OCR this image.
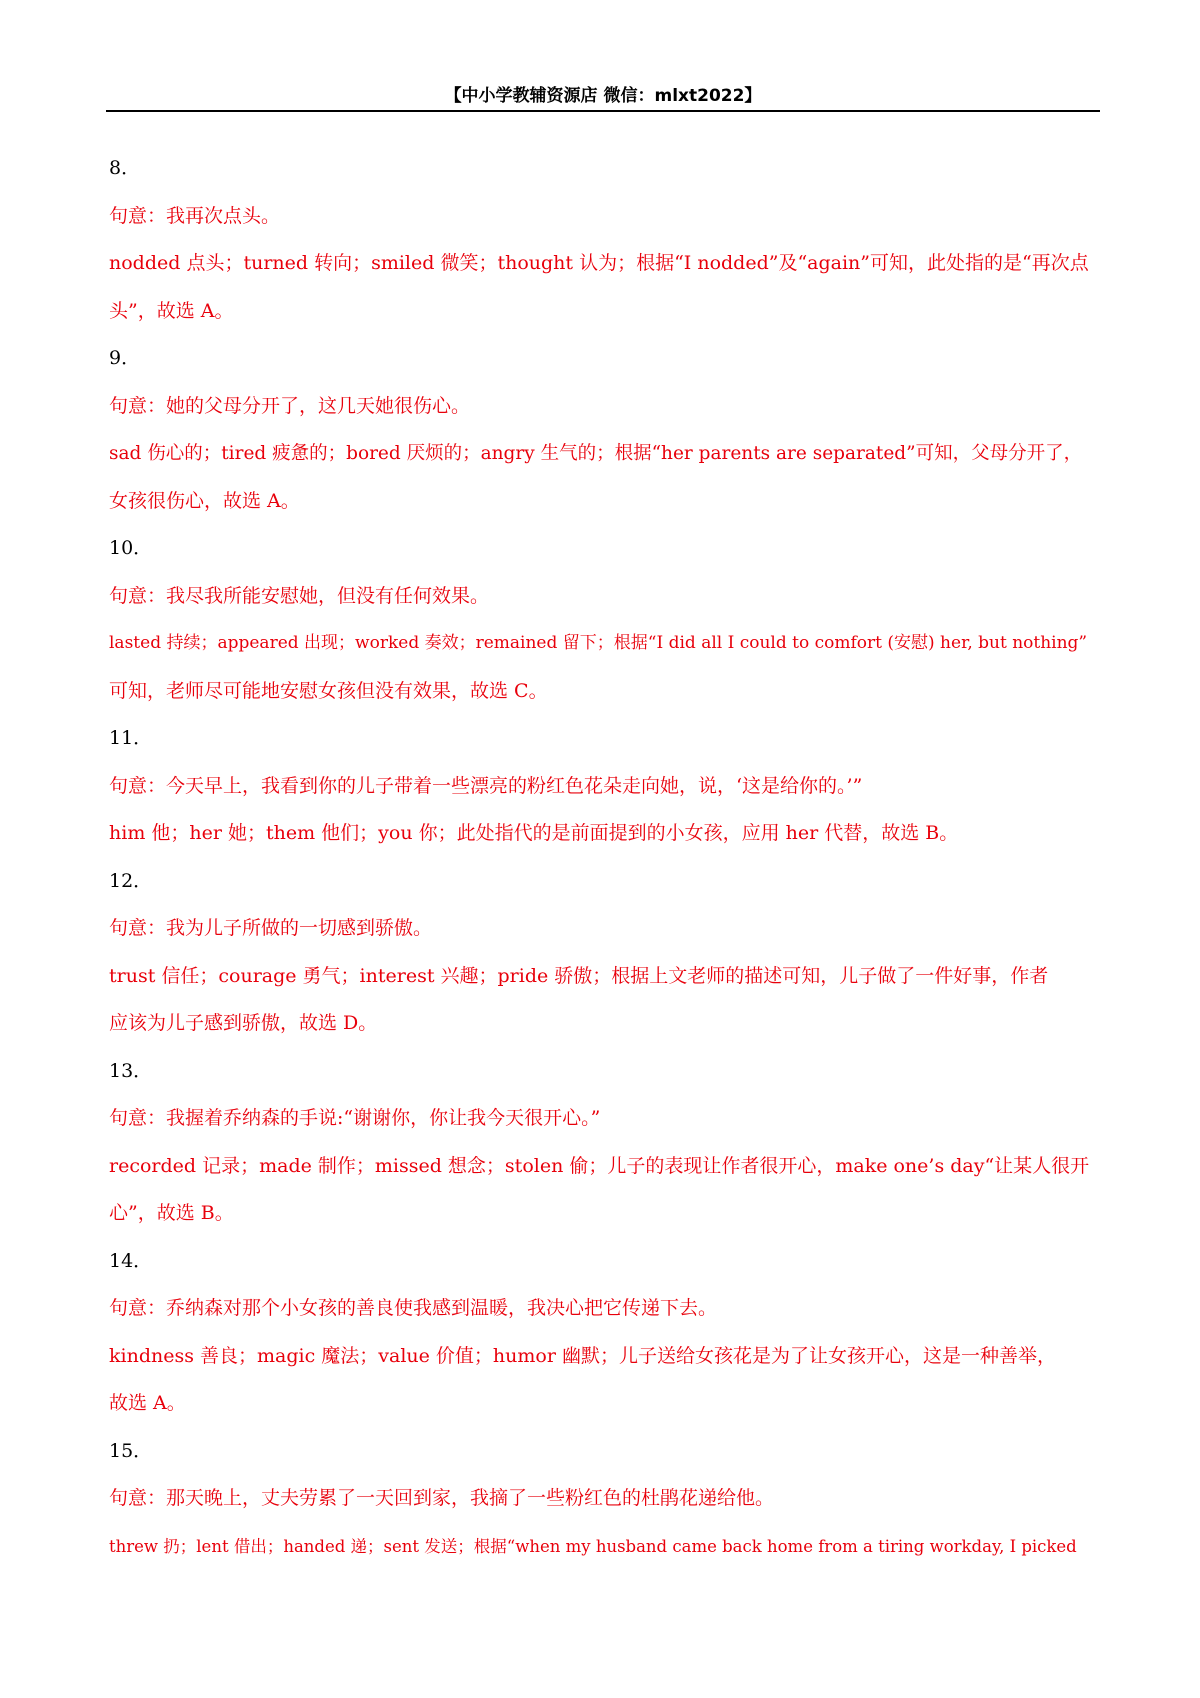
【中小学教辅资源店 微信：mlxt2022】
8．
句意：我再次点头。
nodded 点头；turned 转向；smiled 微笑；thought 认为；根据“I nodded”及“again”可知，此处指的是“再次点
头”，故选 A。
9．
句意：她的父母分开了，这几天她很伤心。
sad 伤心的；tired 疲惫的；bored 厌烦的；angry 生气的；根据“her parents are separated”可知，父母分开了，
女孩很伤心，故选 A。
10．
句意：我尽我所能安慰她，但没有任何效果。
lasted 持续；appeared 出现；worked 奏效；remained 留下；根据“I did all I could to comfort (安慰) her, but nothing”
可知，老师尽可能地安慰女孩但没有效果，故选 C。
11．
句意：今天早上，我看到你的儿子带着一些漂亮的粉红色花朵走向她，说，‘这是给你的。’”
him 他；her 她；them 他们；you 你；此处指代的是前面提到的小女孩，应用 her 代替，故选 B。
12．
句意：我为儿子所做的一切感到骄傲。
trust 信任；courage 勇气；interest 兴趣；pride 骄傲；根据上文老师的描述可知，儿子做了一件好事，作者
应该为儿子感到骄傲，故选 D。
13．
句意：我握着乔纳森的手说:“谢谢你，你让我今天很开心。”
recorded 记录；made 制作；missed 想念；stolen 偷；儿子的表现让作者很开心，make one’s day“让某人很开
心”，故选 B。
14．
句意：乔纳森对那个小女孩的善良使我感到温暖，我决心把它传递下去。
kindness 善良；magic 魔法；value 价值；humor 幽默；儿子送给女孩花是为了让女孩开心，这是一种善举，
故选 A。
15．
句意：那天晚上，丈夫劳累了一天回到家，我摘了一些粉红色的杜鹃花递给他。
threw 扔；lent 借出；handed 递；sent 发送；根据“when my husband came back home from a tiring workday, I picked
